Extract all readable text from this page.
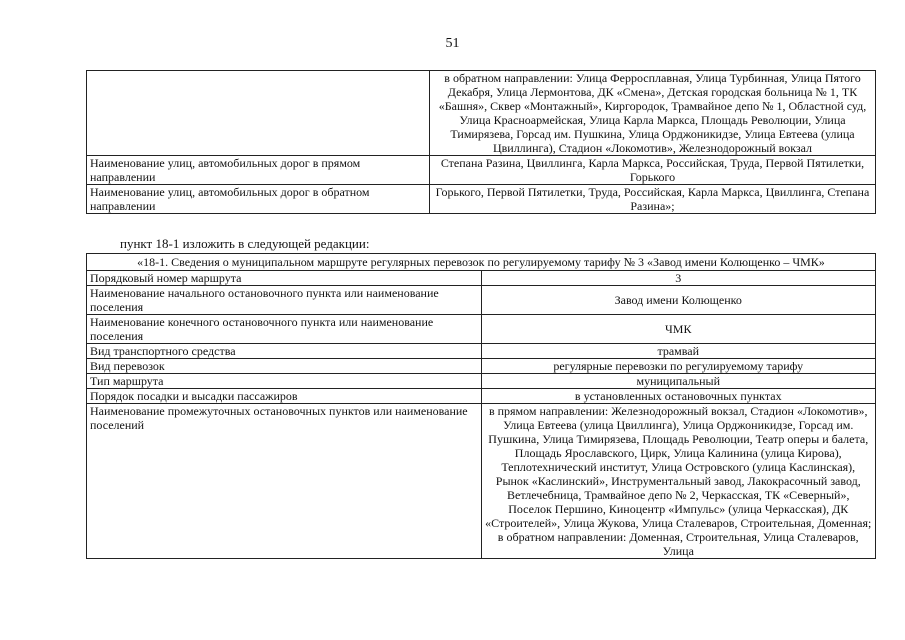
51
	в обратном направлении: Улица Ферросплавная, Улица Турбинная, Улица Пятого Декабря, Улица Лермонтова, ДК «Смена», Детская городская больница № 1, ТК «Башня», Сквер «Монтажный», Киргородок, Трамвайное депо № 1, Областной суд, Улица Красноармейская, Улица Карла Маркса, Площадь Революции, Улица Тимирязева, Горсад им. Пушкина, Улица Орджоникидзе, Улица Евтеева (улица Цвиллинга), Стадион «Локомотив», Железнодорожный вокзал
Наименование улиц, автомобильных дорог в прямом направлении	Степана Разина, Цвиллинга, Карла Маркса, Российская, Труда, Первой Пятилетки, Горького
Наименование улиц, автомобильных дорог в обратном направлении	Горького, Первой Пятилетки, Труда, Российская, Карла Маркса, Цвиллинга, Степана Разина»;
пункт 18-1 изложить в следующей редакции:
«18-1. Сведения о муниципальном маршруте регулярных перевозок по регулируемому тарифу № 3 «Завод имени Колющенко – ЧМК»	
Порядковый номер маршрута	3
Наименование начального остановочного пункта или наименование поселения	Завод имени Колющенко
Наименование конечного остановочного пункта или наименование поселения	ЧМК
Вид транспортного средства	трамвай
Вид перевозок	регулярные перевозки по регулируемому тарифу
Тип маршрута	муниципальный
Порядок посадки и высадки пассажиров	в установленных остановочных пунктах
Наименование промежуточных остановочных пунктов или наименование поселений	в прямом направлении: Железнодорожный вокзал, Стадион «Локомотив», Улица Евтеева (улица Цвиллинга), Улица Орджоникидзе, Горсад им. Пушкина, Улица Тимирязева, Площадь Революции, Театр оперы и балета, Площадь Ярославского, Цирк, Улица Калинина (улица Кирова), Теплотехнический институт, Улица Островского (улица Каслинская), Рынок «Каслинский», Инструментальный завод, Лакокрасочный завод, Ветлечебница, Трамвайное депо № 2, Черкасская, ТК «Северный», Поселок Першино, Киноцентр «Импульс» (улица Черкасская), ДК «Строителей», Улица Жукова, Улица Сталеваров, Строительная, Доменная;
в обратном направлении: Доменная, Строительная, Улица Сталеваров, Улица
